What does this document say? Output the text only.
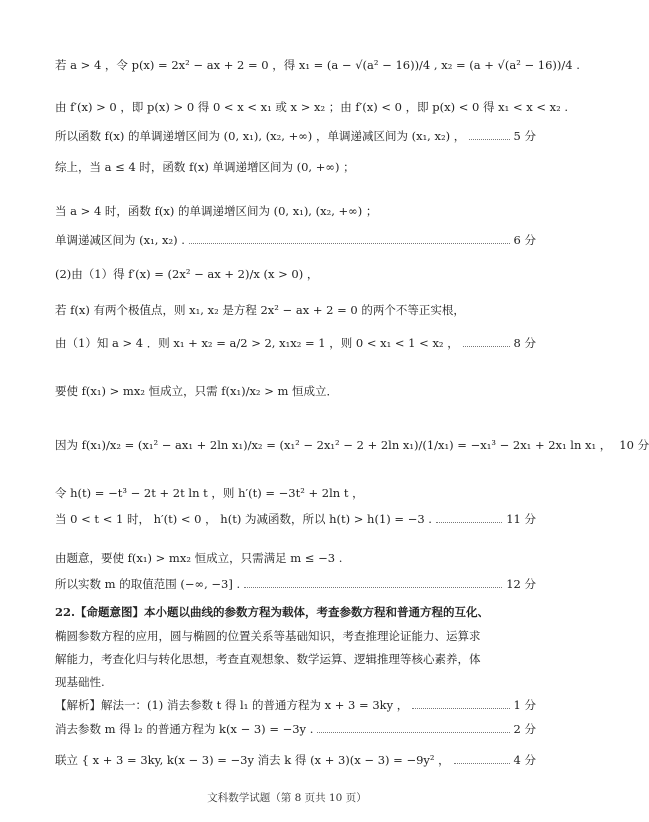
若 a > 4 ，令 p(x) = 2x² − ax + 2 = 0 ，得 x₁ = (a − √(a² − 16))/4 , x₂ = (a + √(a² − 16))/4 .
由 f′(x) > 0 ，即 p(x) > 0 得 0 < x < x₁ 或 x > x₂ ；由 f′(x) < 0 ，即 p(x) < 0 得 x₁ < x < x₂ .
所以函数 f(x) 的单调递增区间为 (0, x₁), (x₂, +∞) ，单调递减区间为 (x₁, x₂) ，	5 分
综上，当 a ≤ 4 时，函数 f(x) 单调递增区间为 (0, +∞) ；
当 a > 4 时，函数 f(x) 的单调递增区间为 (0, x₁), (x₂, +∞) ；
单调递减区间为 (x₁, x₂) .	6 分
(2)由（1）得 f′(x) = (2x² − ax + 2)/x (x > 0) ，
若 f(x) 有两个极值点，则 x₁, x₂ 是方程 2x² − ax + 2 = 0 的两个不等正实根，
由（1）知 a > 4 ．则 x₁ + x₂ = a/2 > 2, x₁x₂ = 1 ，则 0 < x₁ < 1 < x₂ ，	8 分
要使 f(x₁) > mx₂ 恒成立，只需 f(x₁)/x₂ > m 恒成立．
因为 f(x₁)/x₂ = (x₁² − ax₁ + 2ln x₁)/x₂ = (x₁² − 2x₁² − 2 + 2ln x₁)/(1/x₁) = −x₁³ − 2x₁ + 2x₁ ln x₁ ， 10 分
令 h(t) = −t³ − 2t + 2t ln t ，则 h′(t) = −3t² + 2ln t ，
当 0 < t < 1 时， h′(t) < 0 ， h(t) 为减函数，所以 h(t) > h(1) = −3 .	11 分
由题意，要使 f(x₁) > mx₂ 恒成立，只需满足 m ≤ −3 .
所以实数 m 的取值范围 (−∞, −3] .	12 分
22.【命题意图】本小题以曲线的参数方程为载体，考查参数方程和普通方程的互化、
椭圆参数方程的应用，圆与椭圆的位置关系等基础知识，考查推理论证能力、运算求
解能力，考查化归与转化思想，考查直观想象、数学运算、逻辑推理等核心素养，体
现基础性.
【解析】解法一：(1) 消去参数 t 得 l₁ 的普通方程为 x + 3 = 3ky ，	1 分
消去参数 m 得 l₂ 的普通方程为 k(x − 3) = −3y .	2 分
联立 { x + 3 = 3ky, k(x − 3) = −3y 消去 k 得 (x + 3)(x − 3) = −9y² ，	4 分
文科数学试题（第 8 页共 10 页）
